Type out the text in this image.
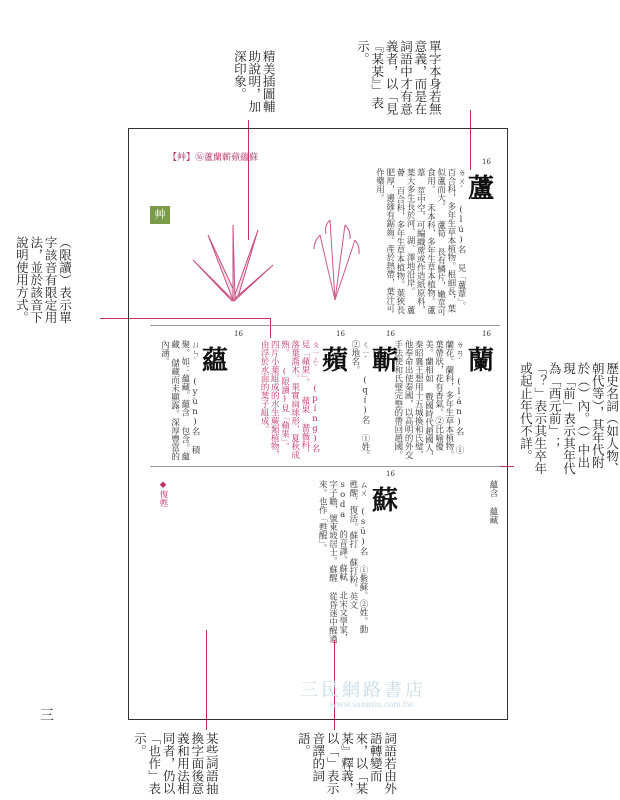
精美插圖輔助說明，加深印象。	單字本身若無意義，而是在詞語中才有意義者，以「見『某某』」表示。
（限讀）表示單字該音有限定用法，並於該音下說明使用方式。
歷史名詞（如人物、朝代等），其年代附於（）內。（）中出現「前」表示其年代為「西元前」；「？」表示其生卒年或起止年代不詳。
某些詞語抽換字面後意義和用法相同者，仍以「也作」表示。	詞語若由外語轉變而來，以「某某』釋義，以「」表示音譯的詞語。
【艸】⑯蘆蘭蘄蘋蘊蘇
艸
16
蘆
ㄌㄨˊ (lú)名 見「蘆葦」。 百合科，多年生草本植物。根細長，葉似蘆而大。 蘆筍 長有鱗片，嫩莖可食用。 禾本科，多年生草本植物。蘆葦 莖中空，可編織蓆或作造紙原料，葉大多生長於河、湖、澤地沿岸。 蘆薈 百合科，多年生草本植物。葉狹長肥厚，邊緣有鋸齒。產於熱帶，葉汁可作藥用。
16
蘭
ㄌㄢˊ (lán)名 ①蘭花。蘭科，多年生草本植物。葉帶狀，花有香氣。②比喻優美。蘭相如 戰國時代趙國人，秦昭襄王想用十五城換和氏璧，他奉命出使秦國，以高明的外交手法使和氏璧完整的帶回趙國。
16
蘄
ㄑㄧˊ (qí)名 ①姓。 ②地名。
16
蘋
ㄆㄧㄥˊ (píng)名 見「蘋果」。 蘋果 薔薇科，落葉喬木。果實扁球形，夏秋成熟。 (限讀)見「蘋果」。 四片小葉組成的水生蕨類植物，由浮於水面的葉子組成。
16
蘊
ㄩㄣˋ (yùn)名 積聚。如：蘊藏。蘊含 包含。蘊藏 儲藏而未顯露。深厚豐富的內涵。
16
蘇
ㄙㄨ (sū)名 ①紫蘇。②姓。動 甦醒、復活。蘇打 蘇打粉。英文 soda 的音譯。蘇軾 北宋文學家，字子瞻，號東坡居士。蘇醒 從昏迷中醒過來。也作「甦醒」。	蘊含 蘊藏
◆復甦
三民網路書店
www.sanmin.com.tw
三
